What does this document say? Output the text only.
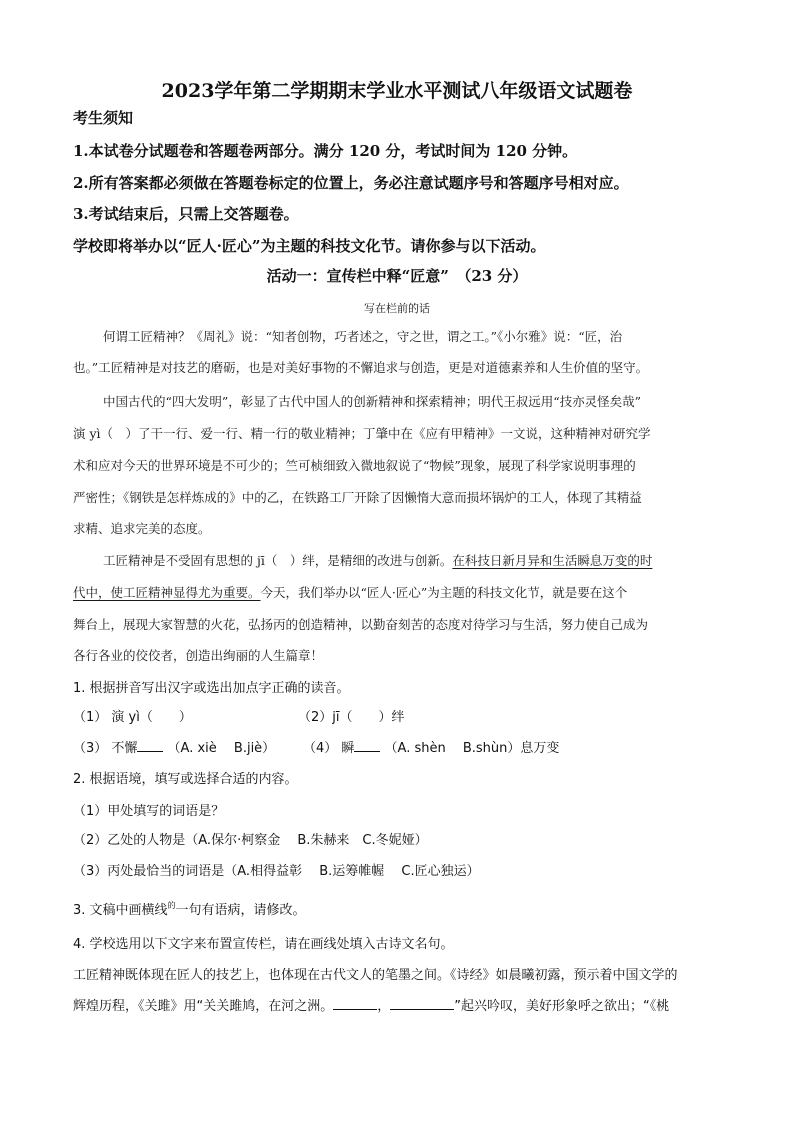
2023学年第二学期期末学业水平测试八年级语文试题卷
考生须知
1.本试卷分试题卷和答题卷两部分。满分 120 分，考试时间为 120 分钟。
2.所有答案都必须做在答题卷标定的位置上，务必注意试题序号和答题序号相对应。
3.考试结束后，只需上交答题卷。
学校即将举办以“匠人·匠心”为主题的科技文化节。请你参与以下活动。
活动一：宣传栏中释“匠意”　（23 分）
写在栏前的话
何谓工匠精神？《周礼》说：“知者创物，巧者述之，守之世，谓之工。”《小尔雅》说：“匠，治
也。”工匠精神是对技艺的磨砺，也是对美好事物的不懈追求与创造，更是对道德素养和人生价值的坚守。
中国古代的“四大发明”，彰显了古代中国人的创新精神和探索精神；明代王叔远用“技亦灵怪矣哉”
演 yì（　）了干一行、爱一行、精一行的敬业精神；丁肇中在《应有甲精神》一文说，这种精神对研究学
术和应对今天的世界环境是不可少的；竺可桢细致入微地叙说了“物候”现象，展现了科学家说明事理的
严密性；《钢铁是怎样炼成的》中的乙，在铁路工厂开除了因懒惰大意而损坏锅炉的工人，体现了其精益
求精、追求完美的态度。
工匠精神是不受固有思想的 jī（　）绊，是精细的改进与创新。在科技日新月异和生活瞬息万变的时
代中，使工匠精神显得尤为重要。今天，我们举办以“匠人·匠心”为主题的科技文化节，就是要在这个
舞台上，展现大家智慧的火花，弘扬丙的创造精神，以勤奋刻苦的态度对待学习与生活，努力使自己成为
各行各业的佼佼者，创造出绚丽的人生篇章！
1. 根据拼音写出汉字或选出加点字正确的读音。
（1） 演 yì（　　）	（2）jī（　　）绊
（3） 不懈 （A. xiè　 B.jiè） （4） 瞬 （A. shèn　 B.shùn）息万变
2. 根据语境，填写或选择合适的内容。
（1）甲处填写的词语是？
（2）乙处的人物是（A.保尔·柯察金　 B.朱赫来　C.冬妮娅）
（3）丙处最恰当的词语是（A.相得益彰　 B.运筹帷幄　 C.匠心独运）
3. 文稿中画横线$^的$一句有语病，请修改。
4. 学校选用以下文字来布置宣传栏，请在画线处填入古诗文名句。
工匠精神既体现在匠人的技艺上，也体现在古代文人的笔墨之间。《诗经》如晨曦初露，预示着中国文学的
辉煌历程，《关雎》用“关关雎鸠，在河之洲。	，	”起兴吟叹，美好形象呼之欲出；“《桃
